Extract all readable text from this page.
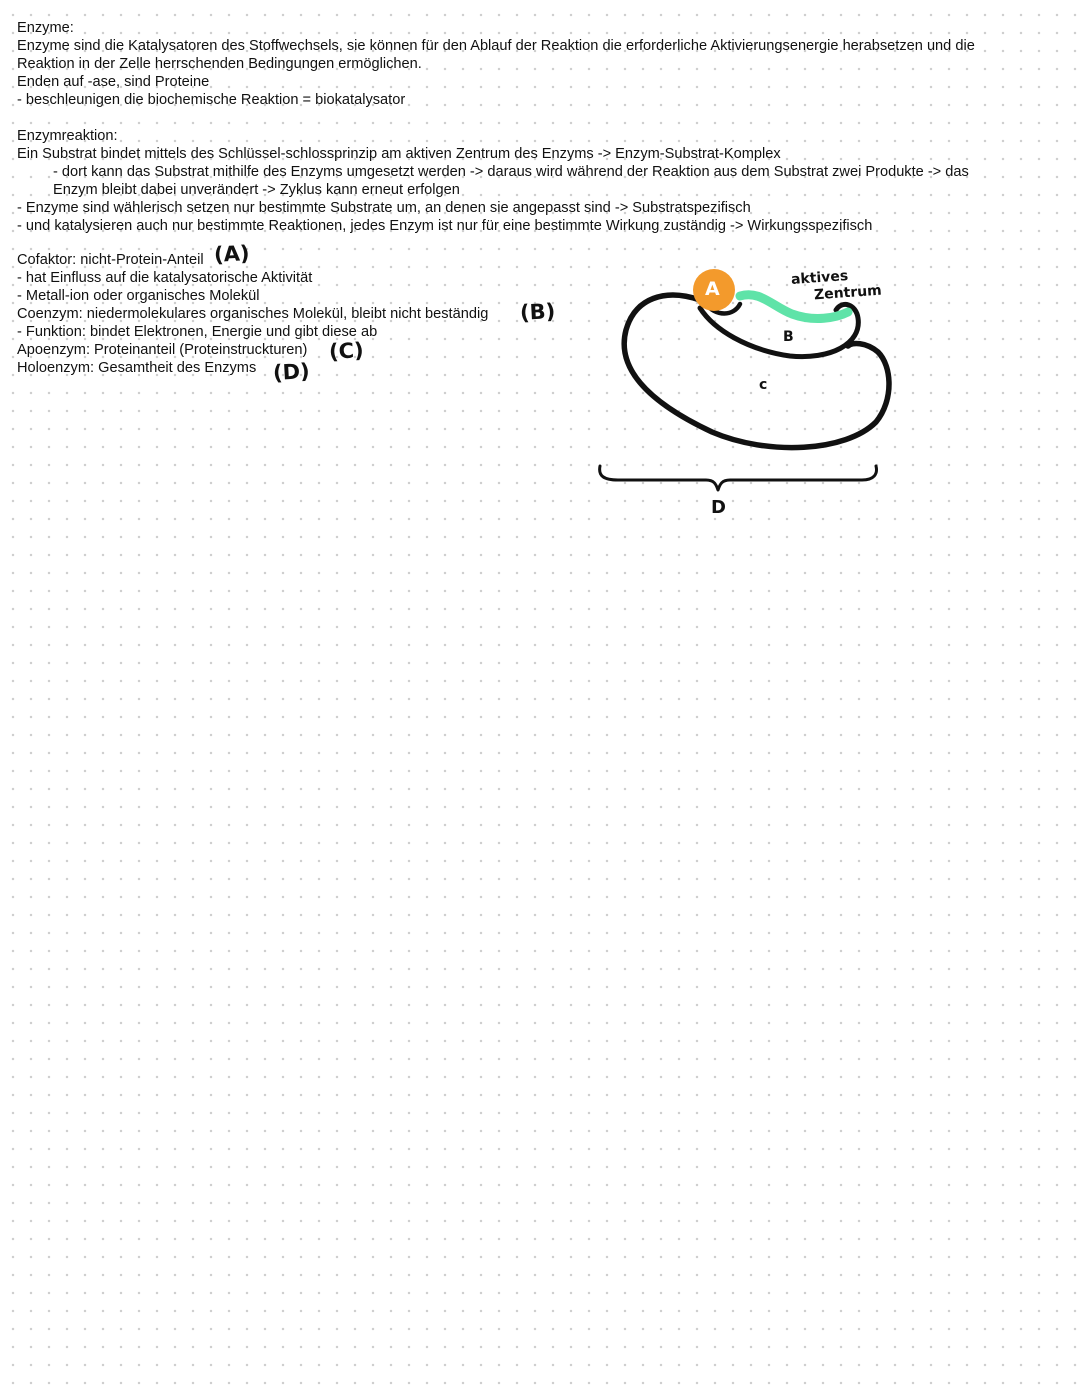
Enzyme:

Enzyme sind die Katalysatoren des Stoffwechsels, sie können für den Ablauf der Reaktion die erforderliche Aktivierungsenergie herabsetzen und die

Reaktion in der Zelle herrschenden Bedingungen ermöglichen.

Enden auf -ase, sind Proteine

- beschleunigen die biochemische Reaktion = biokatalysator

Enzymreaktion:

Ein Substrat bindet mittels des Schlüssel-schlossprinzip am aktiven Zentrum des Enzyms -> Enzym-Substrat-Komplex

- dort kann das Substrat mithilfe des Enzyms umgesetzt werden -> daraus wird während der Reaktion aus dem Substrat zwei Produkte -> das

Enzym bleibt dabei unverändert -> Zyklus kann erneut erfolgen

- Enzyme sind wählerisch setzen nur bestimmte Substrate um, an denen sie angepasst sind -> Substratspezifisch

- und katalysieren auch nur bestimmte Reaktionen, jedes Enzym ist nur für eine bestimmte Wirkung zuständig -> Wirkungsspezifisch

Cofaktor: nicht-Protein-Anteil

- hat Einfluss auf die katalysatorische Aktivität

- Metall-ion oder organisches Molekül

Coenzym: niedermolekulares organisches Molekül, bleibt nicht beständig

- Funktion: bindet Elektronen, Energie und gibt diese ab

Apoenzym: Proteinanteil (Proteinstruckturen)

Holoenzym: Gesamtheit des Enzyms

(A)
(B)
(C)
(D)
A
B
c
D
aktives
Zentrum
